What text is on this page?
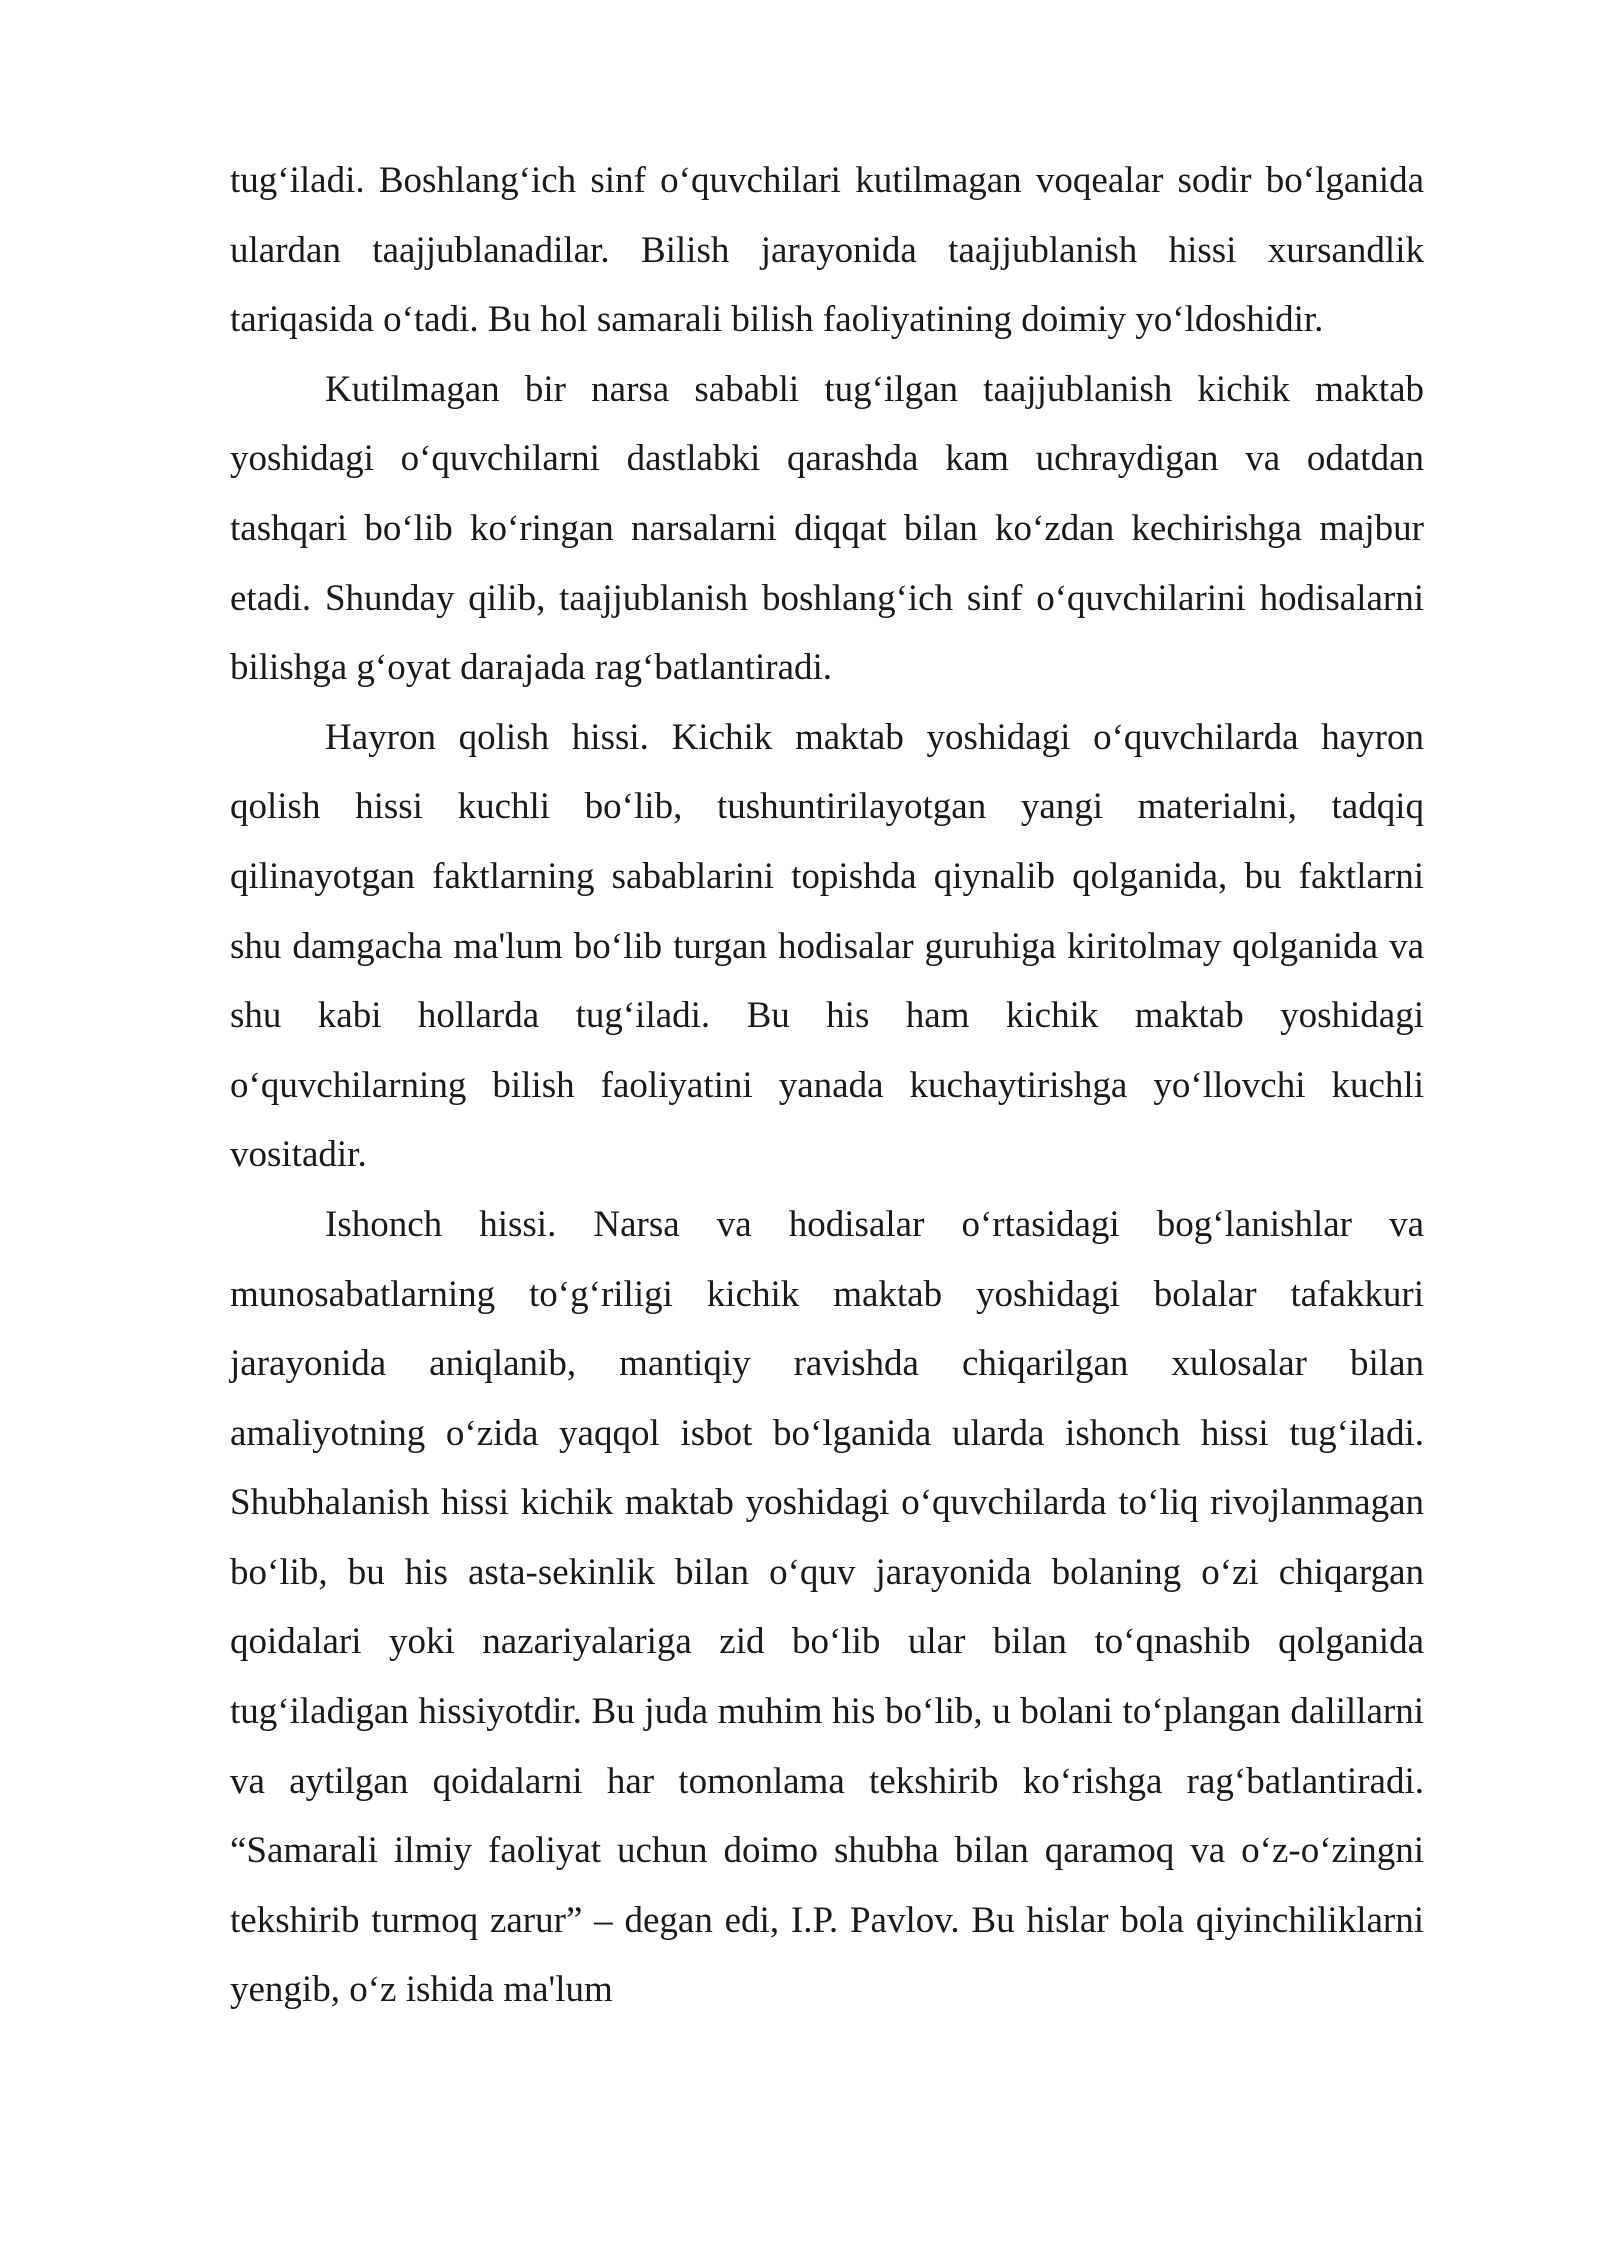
tug‘iladi. Boshlang‘ich sinf o‘quvchilari kutilmagan voqealar sodir bo‘lganida ulardan taajjublanadilar. Bilish jarayonida taajjublanish hissi xursandlik tariqasida o‘tadi. Bu hol samarali bilish faoliyatining doimiy yo‘ldoshidir.

Kutilmagan bir narsa sababli tug‘ilgan taajjublanish kichik maktab yoshidagi o‘quvchilarni dastlabki qarashda kam uchraydigan va odatdan tashqari bo‘lib ko‘ringan narsalarni diqqat bilan ko‘zdan kechirishga majbur etadi. Shunday qilib, taajjublanish boshlang‘ich sinf o‘quvchilarini hodisalarni bilishga g‘oyat darajada rag‘batlantiradi.

Hayron qolish hissi. Kichik maktab yoshidagi o‘quvchilarda hayron qolish hissi kuchli bo‘lib, tushuntirilayotgan yangi materialni, tadqiq qilinayotgan faktlarning sabablarini topishda qiynalib qolganida, bu faktlarni shu damgacha ma'lum bo‘lib turgan hodisalar guruhiga kiritolmay qolganida va shu kabi hollarda tug‘iladi. Bu his ham kichik maktab yoshidagi o‘quvchilarning bilish faoliyatini yanada kuchaytirishga yo‘llovchi kuchli vositadir.

Ishonch hissi. Narsa va hodisalar o‘rtasidagi bog‘lanishlar va munosabatlarning to‘g‘riligi kichik maktab yoshidagi bolalar tafakkuri jarayonida aniqlanib, mantiqiy ravishda chiqarilgan xulosalar bilan amaliyotning o‘zida yaqqol isbot bo‘lganida ularda ishonch hissi tug‘iladi. Shubhalanish hissi kichik maktab yoshidagi o‘quvchilarda to‘liq rivojlanmagan bo‘lib, bu his asta-sekinlik bilan o‘quv jarayonida bolaning o‘zi chiqargan qoidalari yoki nazariyalariga zid bo‘lib ular bilan to‘qnashib qolganida tug‘iladigan hissiyotdir. Bu juda muhim his bo‘lib, u bolani to‘plangan dalillarni va aytilgan qoidalarni har tomonlama tekshirib ko‘rishga rag‘batlantiradi. “Samarali ilmiy faoliyat uchun doimo shubha bilan qaramoq va o‘z-o‘zingni tekshirib turmoq zarur” – degan edi, I.P. Pavlov. Bu hislar bola qiyinchiliklarni yengib, o‘z ishida ma'lum
